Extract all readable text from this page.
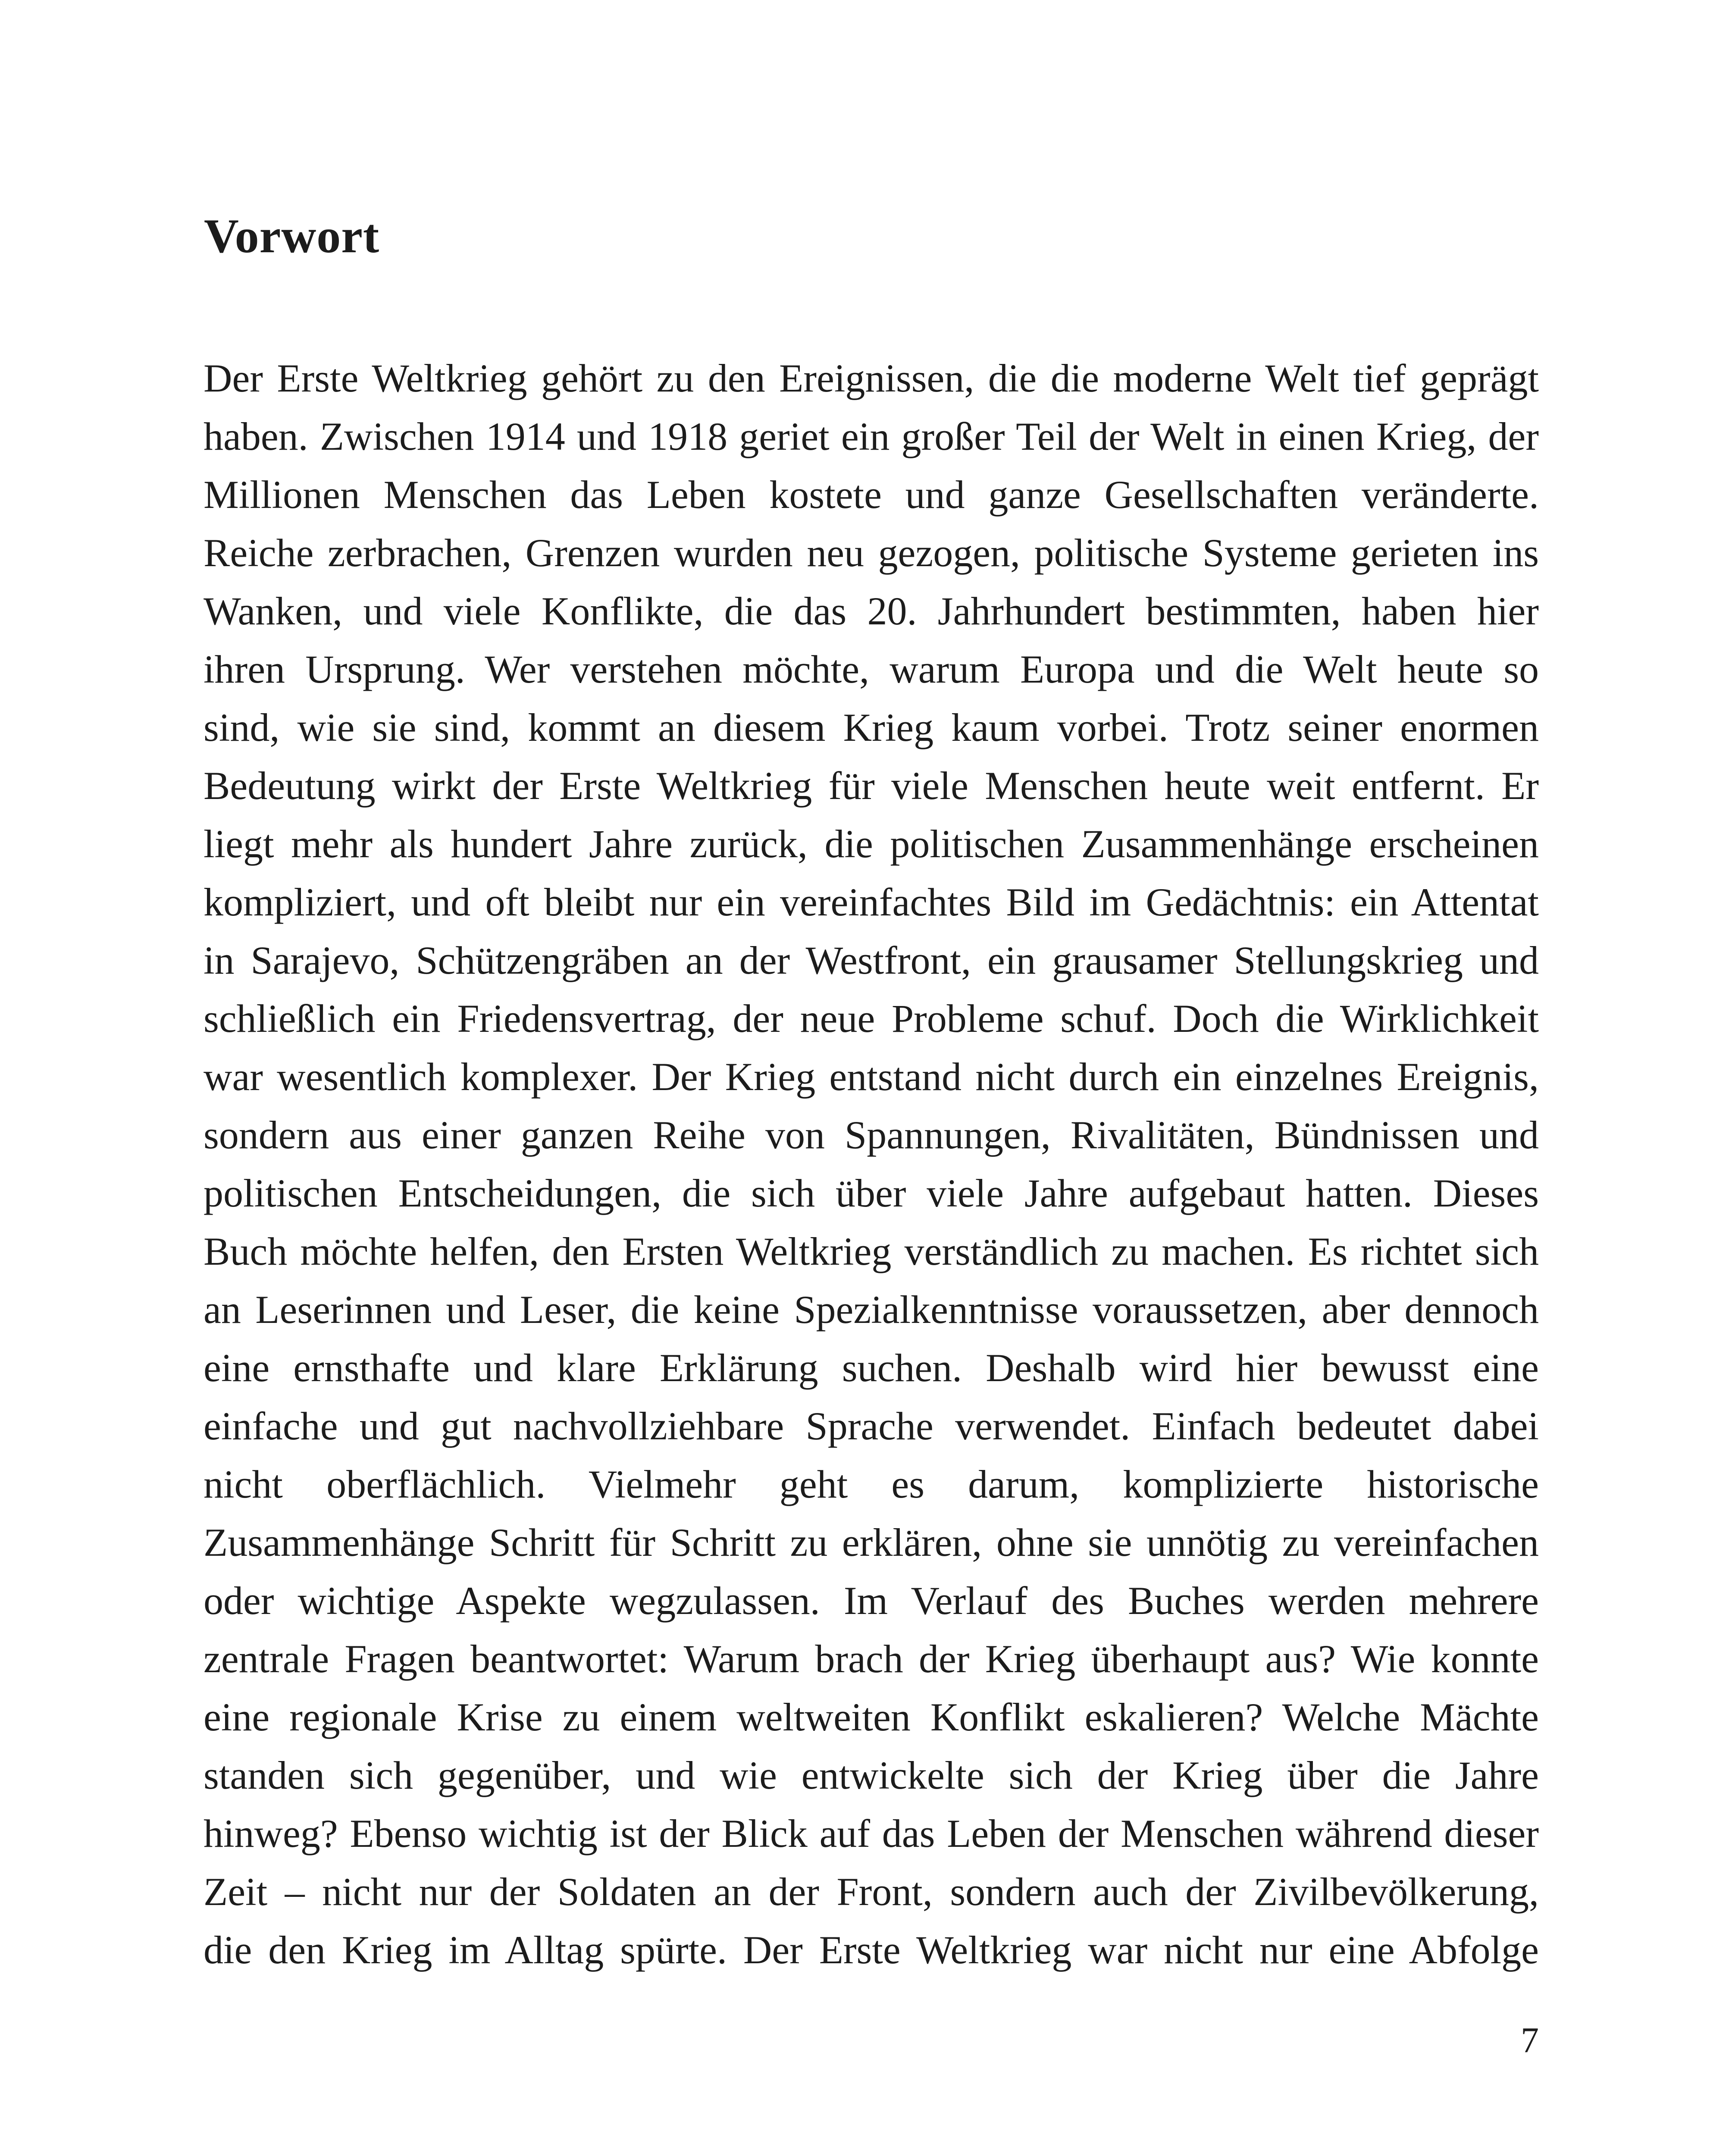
Vorwort
Der Erste Weltkrieg gehört zu den Ereignissen, die die moderne Welt tief geprägt
haben. Zwischen 1914 und 1918 geriet ein großer Teil der Welt in einen Krieg, der
Millionen Menschen das Leben kostete und ganze Gesellschaften veränderte.
Reiche zerbrachen, Grenzen wurden neu gezogen, politische Systeme gerieten ins
Wanken, und viele Konflikte, die das 20. Jahrhundert bestimmten, haben hier
ihren Ursprung. Wer verstehen möchte, warum Europa und die Welt heute so
sind, wie sie sind, kommt an diesem Krieg kaum vorbei. Trotz seiner enormen
Bedeutung wirkt der Erste Weltkrieg für viele Menschen heute weit entfernt. Er
liegt mehr als hundert Jahre zurück, die politischen Zusammenhänge erscheinen
kompliziert, und oft bleibt nur ein vereinfachtes Bild im Gedächtnis: ein Attentat
in Sarajevo, Schützengräben an der Westfront, ein grausamer Stellungskrieg und
schließlich ein Friedensvertrag, der neue Probleme schuf. Doch die Wirklichkeit
war wesentlich komplexer. Der Krieg entstand nicht durch ein einzelnes Ereignis,
sondern aus einer ganzen Reihe von Spannungen, Rivalitäten, Bündnissen und
politischen Entscheidungen, die sich über viele Jahre aufgebaut hatten. Dieses
Buch möchte helfen, den Ersten Weltkrieg verständlich zu machen. Es richtet sich
an Leserinnen und Leser, die keine Spezialkenntnisse voraussetzen, aber dennoch
eine ernsthafte und klare Erklärung suchen. Deshalb wird hier bewusst eine
einfache und gut nachvollziehbare Sprache verwendet. Einfach bedeutet dabei
nicht oberflächlich. Vielmehr geht es darum, komplizierte historische
Zusammenhänge Schritt für Schritt zu erklären, ohne sie unnötig zu vereinfachen
oder wichtige Aspekte wegzulassen. Im Verlauf des Buches werden mehrere
zentrale Fragen beantwortet: Warum brach der Krieg überhaupt aus? Wie konnte
eine regionale Krise zu einem weltweiten Konflikt eskalieren? Welche Mächte
standen sich gegenüber, und wie entwickelte sich der Krieg über die Jahre
hinweg? Ebenso wichtig ist der Blick auf das Leben der Menschen während dieser
Zeit – nicht nur der Soldaten an der Front, sondern auch der Zivilbevölkerung,
die den Krieg im Alltag spürte. Der Erste Weltkrieg war nicht nur eine Abfolge
7
